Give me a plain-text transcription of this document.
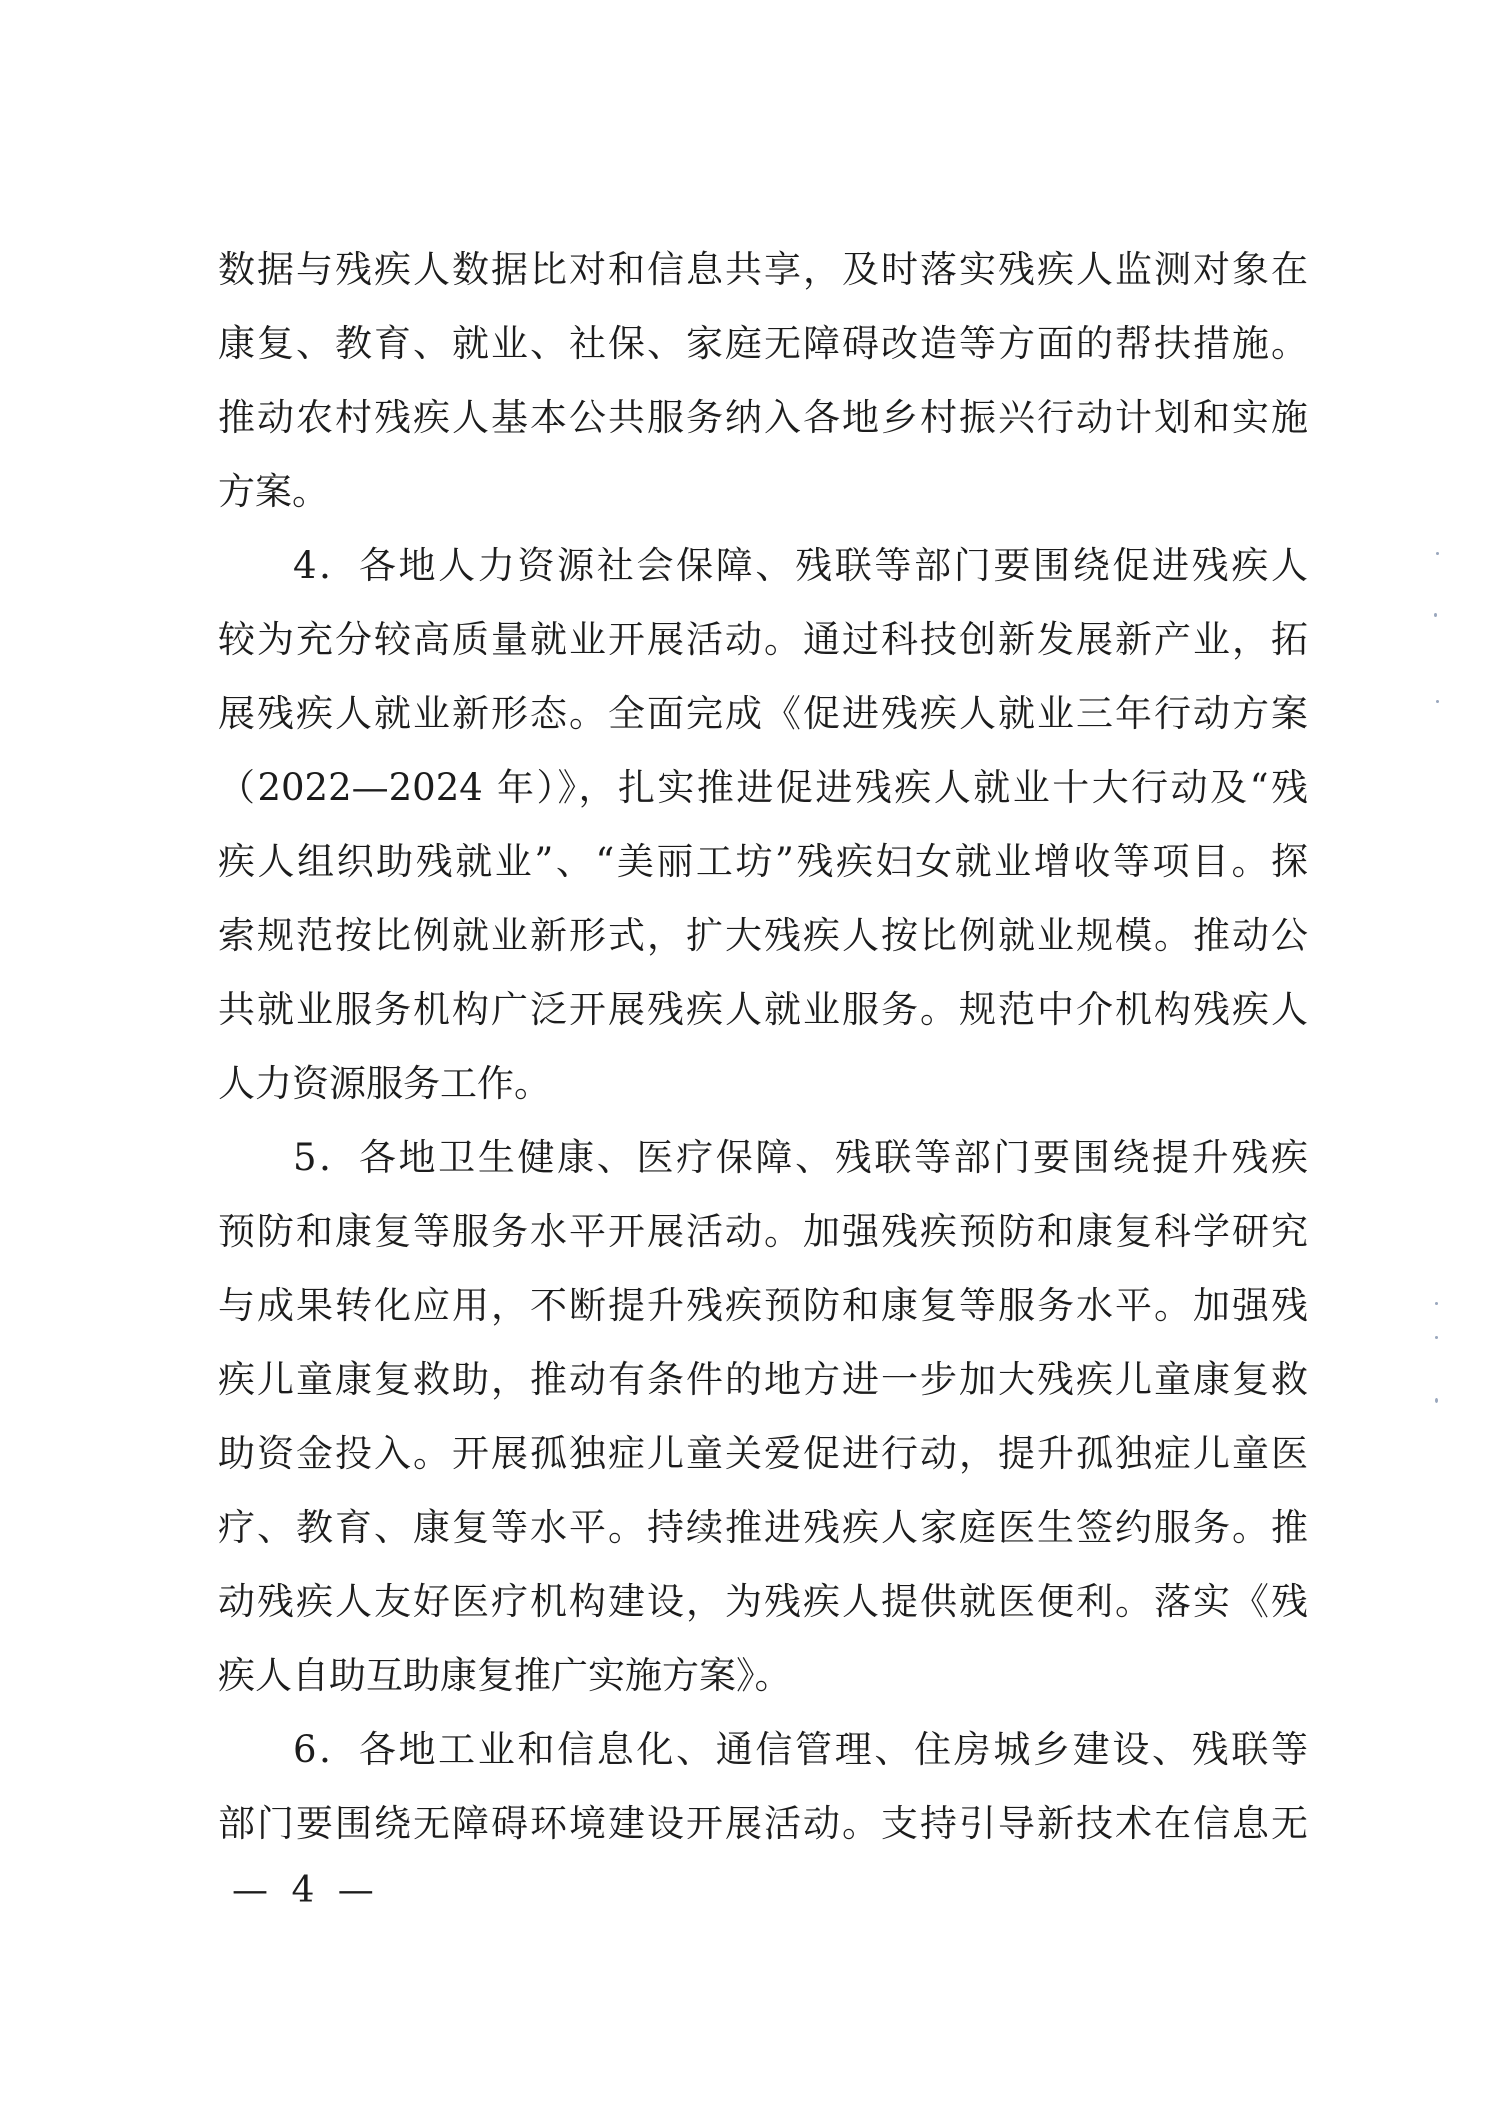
数据与残疾人数据比对和信息共享，及时落实残疾人监测对象在
康复、教育、就业、社保、家庭无障碍改造等方面的帮扶措施。
推动农村残疾人基本公共服务纳入各地乡村振兴行动计划和实施
方案。
4．各地人力资源社会保障、残联等部门要围绕促进残疾人
较为充分较高质量就业开展活动。通过科技创新发展新产业，拓
展残疾人就业新形态。全面完成《促进残疾人就业三年行动方案
（2022—2024 年）》，扎实推进促进残疾人就业十大行动及“残
疾人组织助残就业”、“美丽工坊”残疾妇女就业增收等项目。探
索规范按比例就业新形式，扩大残疾人按比例就业规模。推动公
共就业服务机构广泛开展残疾人就业服务。规范中介机构残疾人
人力资源服务工作。
5．各地卫生健康、医疗保障、残联等部门要围绕提升残疾
预防和康复等服务水平开展活动。加强残疾预防和康复科学研究
与成果转化应用，不断提升残疾预防和康复等服务水平。加强残
疾儿童康复救助，推动有条件的地方进一步加大残疾儿童康复救
助资金投入。开展孤独症儿童关爱促进行动，提升孤独症儿童医
疗、教育、康复等水平。持续推进残疾人家庭医生签约服务。推
动残疾人友好医疗机构建设，为残疾人提供就医便利。落实《残
疾人自助互助康复推广实施方案》。
6．各地工业和信息化、通信管理、住房城乡建设、残联等
部门要围绕无障碍环境建设开展活动。支持引导新技术在信息无
— 4 —
